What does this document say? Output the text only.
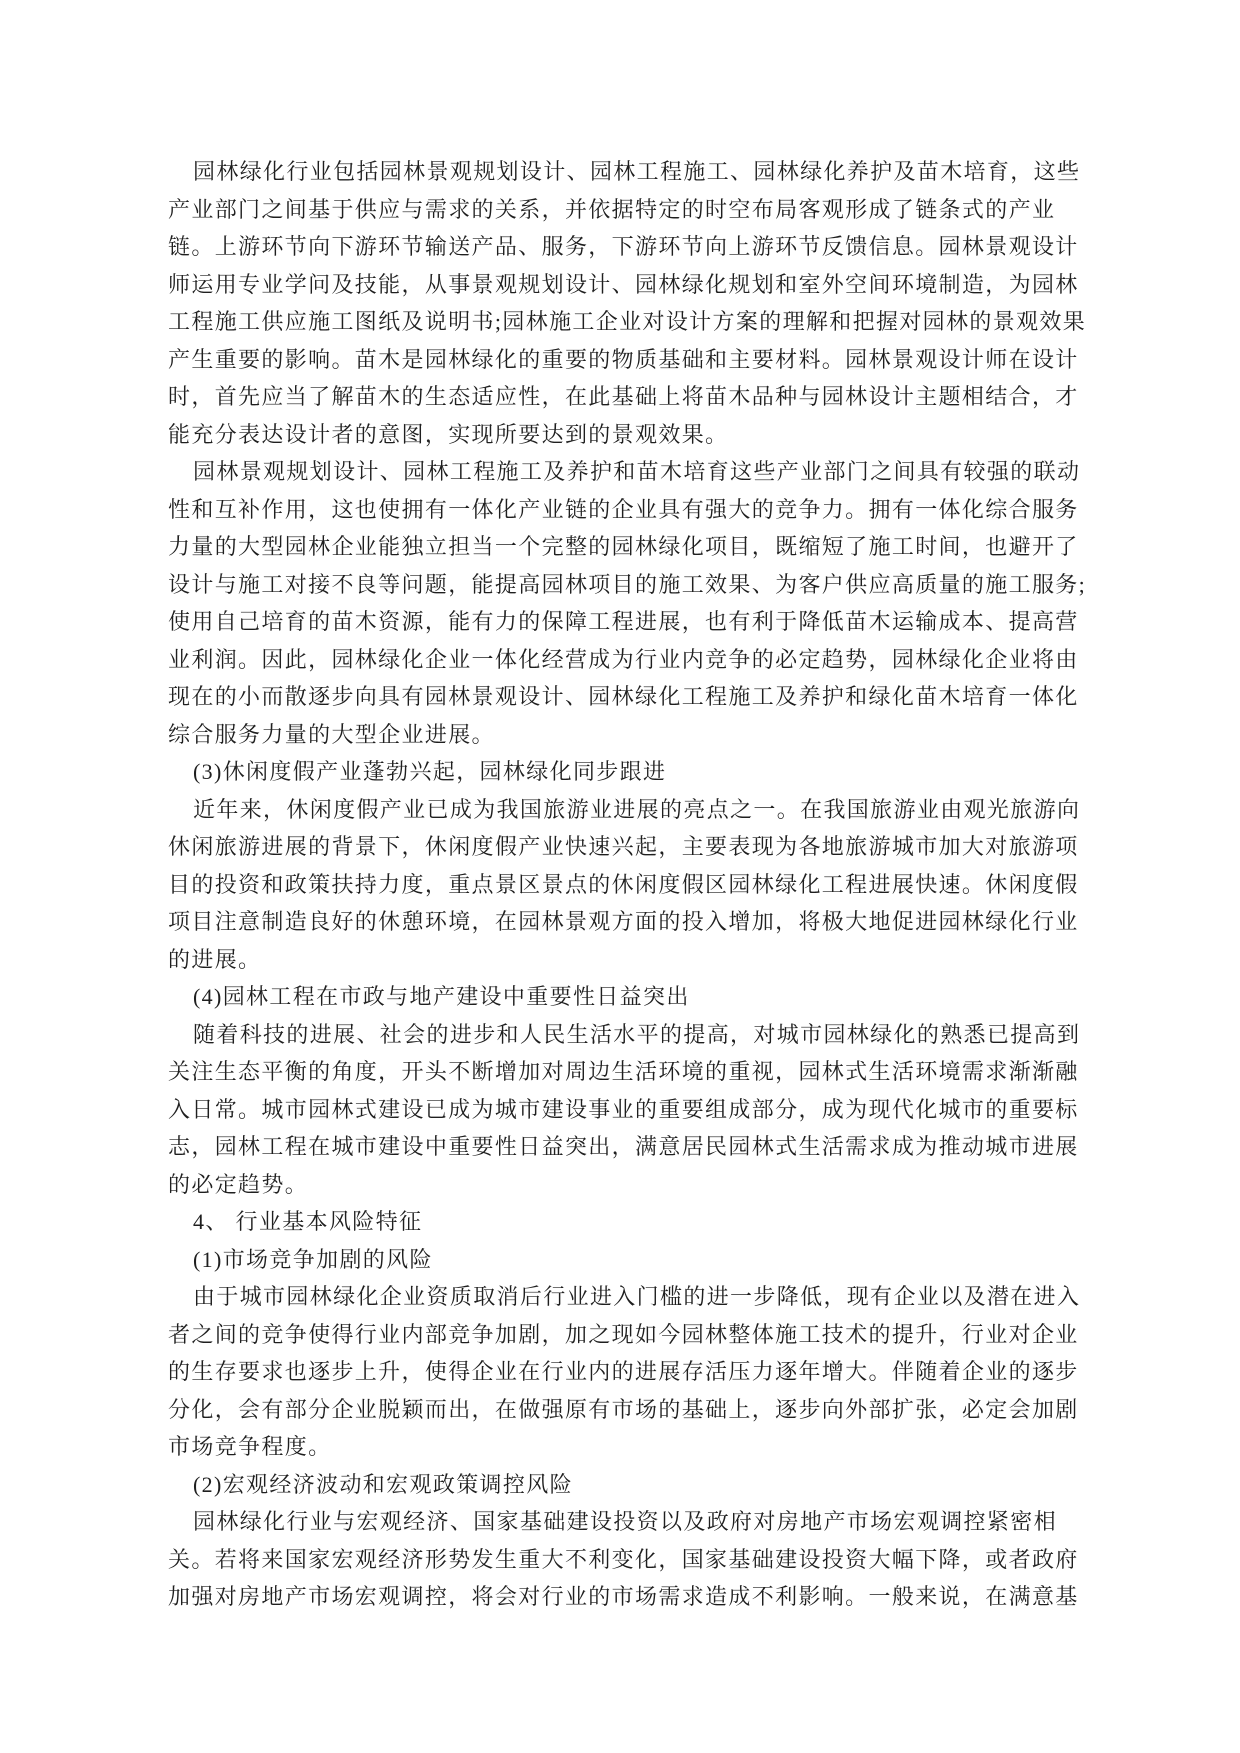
园林绿化行业包括园林景观规划设计、园林工程施工、园林绿化养护及苗木培育，这些
产业部门之间基于供应与需求的关系，并依据特定的时空布局客观形成了链条式的产业
链。上游环节向下游环节输送产品、服务，下游环节向上游环节反馈信息。园林景观设计
师运用专业学问及技能，从事景观规划设计、园林绿化规划和室外空间环境制造，为园林
工程施工供应施工图纸及说明书;园林施工企业对设计方案的理解和把握对园林的景观效果
产生重要的影响。苗木是园林绿化的重要的物质基础和主要材料。园林景观设计师在设计
时，首先应当了解苗木的生态适应性，在此基础上将苗木品种与园林设计主题相结合，才
能充分表达设计者的意图，实现所要达到的景观效果。
园林景观规划设计、园林工程施工及养护和苗木培育这些产业部门之间具有较强的联动
性和互补作用，这也使拥有一体化产业链的企业具有强大的竞争力。拥有一体化综合服务
力量的大型园林企业能独立担当一个完整的园林绿化项目，既缩短了施工时间，也避开了
设计与施工对接不良等问题，能提高园林项目的施工效果、为客户供应高质量的施工服务;
使用自己培育的苗木资源，能有力的保障工程进展，也有利于降低苗木运输成本、提高营
业利润。因此，园林绿化企业一体化经营成为行业内竞争的必定趋势，园林绿化企业将由
现在的小而散逐步向具有园林景观设计、园林绿化工程施工及养护和绿化苗木培育一体化
综合服务力量的大型企业进展。
(3)休闲度假产业蓬勃兴起，园林绿化同步跟进
近年来，休闲度假产业已成为我国旅游业进展的亮点之一。在我国旅游业由观光旅游向
休闲旅游进展的背景下，休闲度假产业快速兴起，主要表现为各地旅游城市加大对旅游项
目的投资和政策扶持力度，重点景区景点的休闲度假区园林绿化工程进展快速。休闲度假
项目注意制造良好的休憩环境，在园林景观方面的投入增加，将极大地促进园林绿化行业
的进展。
(4)园林工程在市政与地产建设中重要性日益突出
随着科技的进展、社会的进步和人民生活水平的提高，对城市园林绿化的熟悉已提高到
关注生态平衡的角度，开头不断增加对周边生活环境的重视，园林式生活环境需求渐渐融
入日常。城市园林式建设已成为城市建设事业的重要组成部分，成为现代化城市的重要标
志，园林工程在城市建设中重要性日益突出，满意居民园林式生活需求成为推动城市进展
的必定趋势。
4、 行业基本风险特征
(1)市场竞争加剧的风险
由于城市园林绿化企业资质取消后行业进入门槛的进一步降低，现有企业以及潜在进入
者之间的竞争使得行业内部竞争加剧，加之现如今园林整体施工技术的提升，行业对企业
的生存要求也逐步上升，使得企业在行业内的进展存活压力逐年增大。伴随着企业的逐步
分化，会有部分企业脱颖而出，在做强原有市场的基础上，逐步向外部扩张，必定会加剧
市场竞争程度。
(2)宏观经济波动和宏观政策调控风险
园林绿化行业与宏观经济、国家基础建设投资以及政府对房地产市场宏观调控紧密相
关。若将来国家宏观经济形势发生重大不利变化，国家基础建设投资大幅下降，或者政府
加强对房地产市场宏观调控，将会对行业的市场需求造成不利影响。一般来说，在满意基
